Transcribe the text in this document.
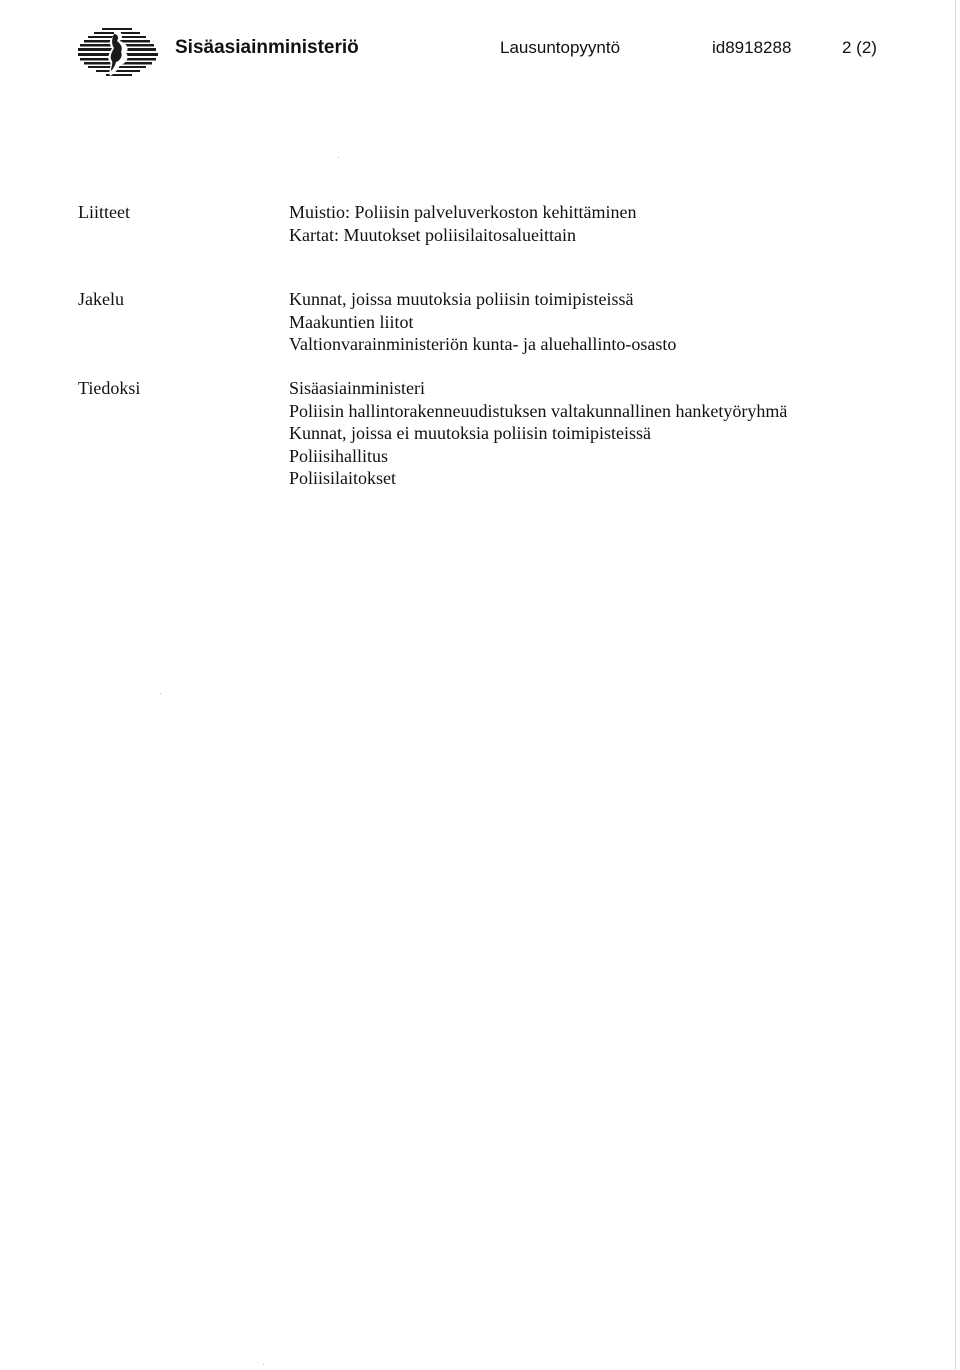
Sisäasiainministeriö	Lausuntopyyntö	id8918288	2 (2)
Liitteet	Muistio: Poliisin palveluverkoston kehittäminen
Kartat: Muutokset poliisilaitosalueittain
Jakelu	Kunnat, joissa muutoksia poliisin toimipisteissä
Maakuntien liitot
Valtionvarainministeriön kunta- ja aluehallinto-osasto
Tiedoksi	Sisäasiainministeri
Poliisin hallintorakenneuudistuksen valtakunnallinen hanketyöryhmä
Kunnat, joissa ei muutoksia poliisin toimipisteissä
Poliisihallitus
Poliisilaitokset
